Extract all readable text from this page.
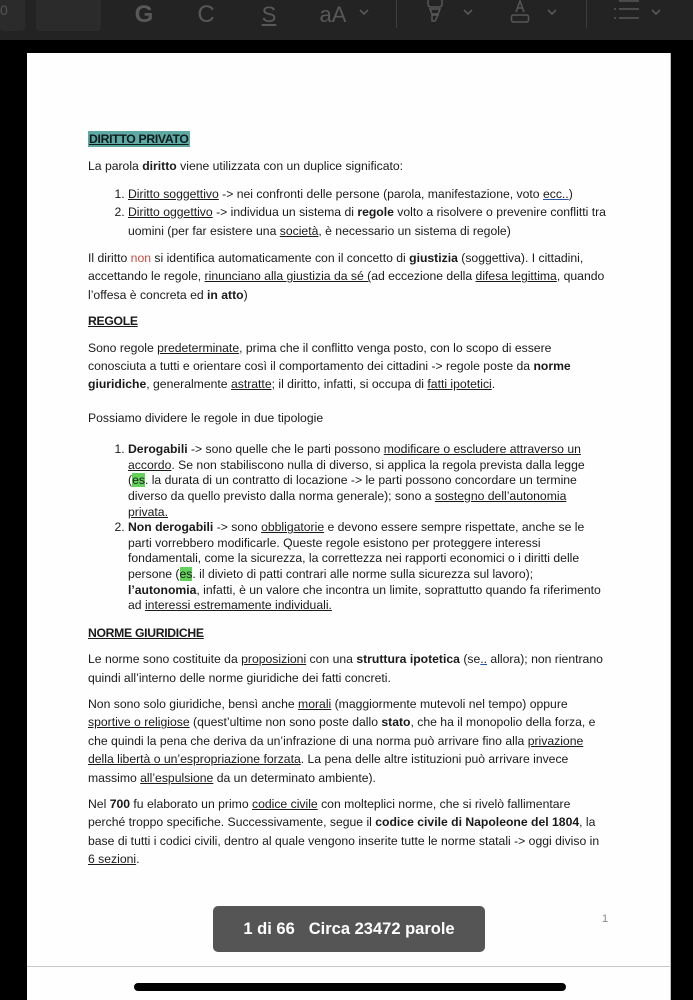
0	G C S aA

DIRITTO PRIVATO

La parola diritto viene utilizzata con un duplice significato:

1. Diritto soggettivo -> nei confronti delle persone (parola, manifestazione, voto ecc..)
2. Diritto oggettivo -> individua un sistema di regole volto a risolvere o prevenire conflitti tra uomini (per far esistere una società, è necessario un sistema di regole)

Il diritto non si identifica automaticamente con il concetto di giustizia (soggettiva). I cittadini, accettando le regole, rinunciano alla giustizia da sé (ad eccezione della difesa legittima, quando l’offesa è concreta ed in atto)

REGOLE

Sono regole predeterminate, prima che il conflitto venga posto, con lo scopo di essere conosciuta a tutti e orientare così il comportamento dei cittadini -> regole poste da norme giuridiche, generalmente astratte; il diritto, infatti, si occupa di fatti ipotetici.

Possiamo dividere le regole in due tipologie

1. Derogabili -> sono quelle che le parti possono modificare o escludere attraverso un accordo. Se non stabiliscono nulla di diverso, si applica la regola prevista dalla legge (es. la durata di un contratto di locazione -> le parti possono concordare un termine diverso da quello previsto dalla norma generale); sono a sostegno dell’autonomia privata.
2. Non derogabili -> sono obbligatorie e devono essere sempre rispettate, anche se le parti vorrebbero modificarle. Queste regole esistono per proteggere interessi fondamentali, come la sicurezza, la correttezza nei rapporti economici o i diritti delle persone (es. il divieto di patti contrari alle norme sulla sicurezza sul lavoro); l’autonomia, infatti, è un valore che incontra un limite, soprattutto quando fa riferimento ad interessi estremamente individuali.

NORME GIURIDICHE

Le norme sono costituite da proposizioni con una struttura ipotetica (se.. allora); non rientrano quindi all’interno delle norme giuridiche dei fatti concreti.

Non sono solo giuridiche, bensì anche morali (maggiormente mutevoli nel tempo) oppure sportive o religiose (quest’ultime non sono poste dallo stato, che ha il monopolio della forza, e che quindi la pena che deriva da un’infrazione di una norma può arrivare fino alla privazione della libertà o un’espropriazione forzata. La pena delle altre istituzioni può arrivare invece massimo all’espulsione da un determinato ambiente).

Nel 700 fu elaborato un primo codice civile con molteplici norme, che si rivelò fallimentare perché troppo specifiche. Successivamente, segue il codice civile di Napoleone del 1804, la base di tutti i codici civili, dentro al quale vengono inserite tutte le norme statali -> oggi diviso in 6 sezioni.

1
1 di 66 Circa 23472 parole
